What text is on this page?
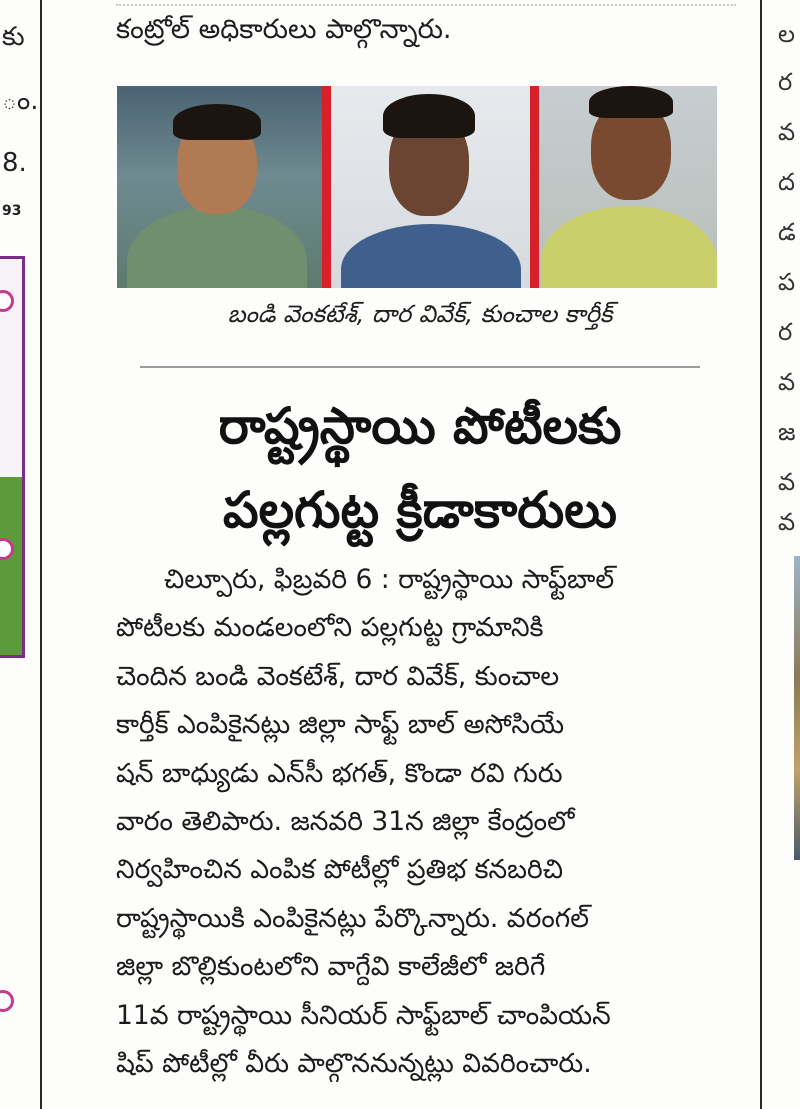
కు
ం.
8.
93
కంట్రోల్ అధికారులు పాల్గొన్నారు.
బండి వెంకటేశ్, దార వివేక్, కుంచాల కార్తీక్
రాష్ట్రస్థాయి పోటీలకు
పల్లగుట్ట క్రీడాకారులు
చిల్పూరు, ఫిబ్రవరి 6 : రాష్ట్రస్థాయి సాఫ్ట్‌బాల్
పోటీలకు మండలంలోని పల్లగుట్ట గ్రామానికి
చెందిన బండి వెంకటేశ్, దార వివేక్, కుంచాల
కార్తీక్ ఎంపికైనట్లు జిల్లా సాఫ్ట్ బాల్ అసోసియే
షన్ బాధ్యుడు ఎన్‌సీ భగత్, కొండా రవి గురు
వారం తెలిపారు. జనవరి 31న జిల్లా కేంద్రంలో
నిర్వహించిన ఎంపిక పోటీల్లో ప్రతిభ కనబరిచి
రాష్ట్రస్థాయికి ఎంపికైనట్లు పేర్కొన్నారు. వరంగల్
జిల్లా బొల్లికుంటలోని వాగ్దేవి కాలేజీలో జరిగే
11వ రాష్ట్రస్థాయి సీనియర్ సాఫ్ట్‌బాల్ చాంపియన్
షిప్ పోటీల్లో వీరు పాల్గొననున్నట్లు వివరించారు.
ల
ర
వ
ద
డ
ప
ర
వ
జ
వ
వ
